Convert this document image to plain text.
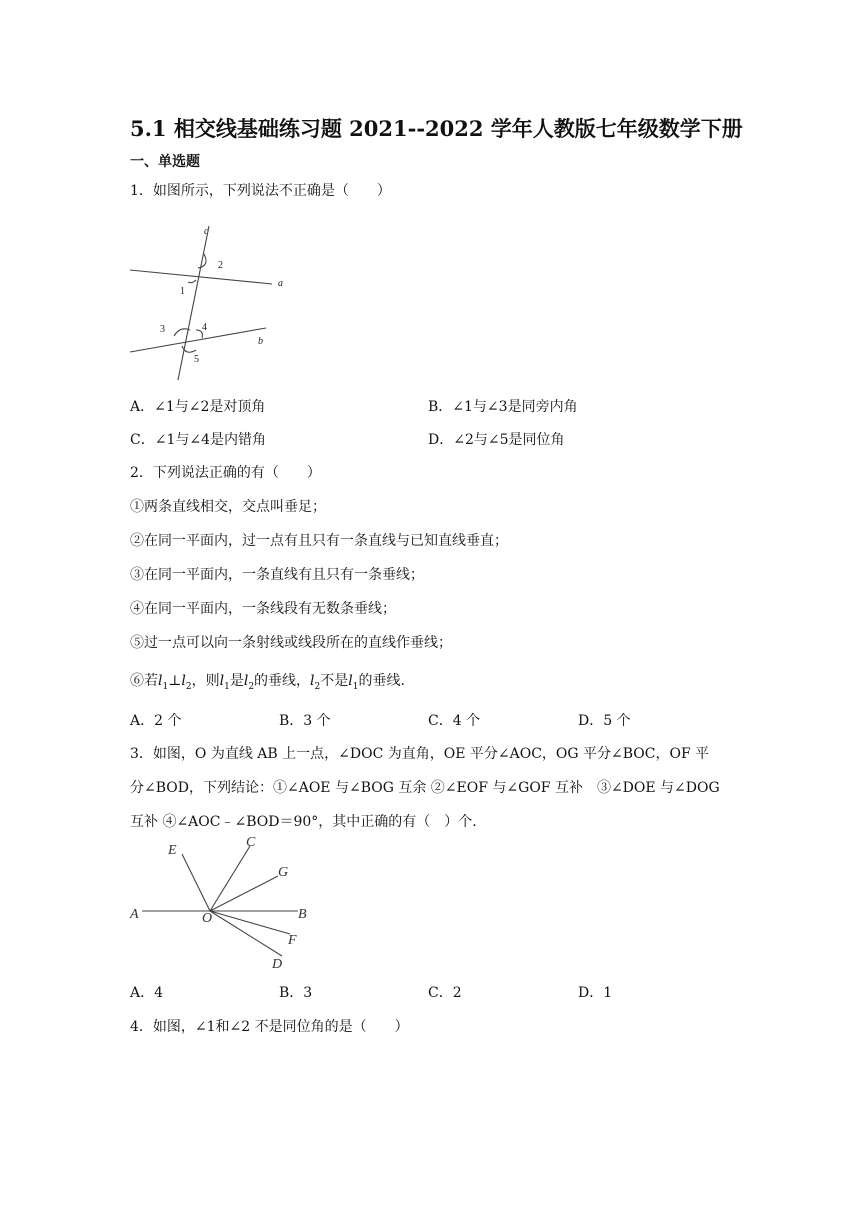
5.1 相交线基础练习题 2021--2022 学年人教版七年级数学下册
一、单选题
1．如图所示，下列说法不正确是（　　）
c
a
b
2
1
3	4
5
A．∠1与∠2是对顶角	B．∠1与∠3是同旁内角
C．∠1与∠4是内错角	D．∠2与∠5是同位角
2．下列说法正确的有（　　）
①两条直线相交，交点叫垂足；
②在同一平面内，过一点有且只有一条直线与已知直线垂直；
③在同一平面内，一条直线有且只有一条垂线；
④在同一平面内，一条线段有无数条垂线；
⑤过一点可以向一条射线或线段所在的直线作垂线；
⑥若$l_1\perp l_2$，则$l_1$是$l_2$的垂线，$l_2$不是$l_1$的垂线.
A．2 个	B．3 个	C．4 个	D．5 个
3．如图，O 为直线 AB 上一点，∠DOC 为直角，OE 平分∠AOC，OG 平分∠BOC，OF 平
分∠BOD，下列结论：①∠AOE 与∠BOG 互余 ②∠EOF 与∠GOF 互补　③∠DOE 与∠DOG
互补 ④∠AOC﹣∠BOD＝90°，其中正确的有（　）个.
E
C
G
A	O	B
F
D
A．4	B．3	C．2	D．1
4．如图，∠1和∠2 不是同位角的是（　　）
